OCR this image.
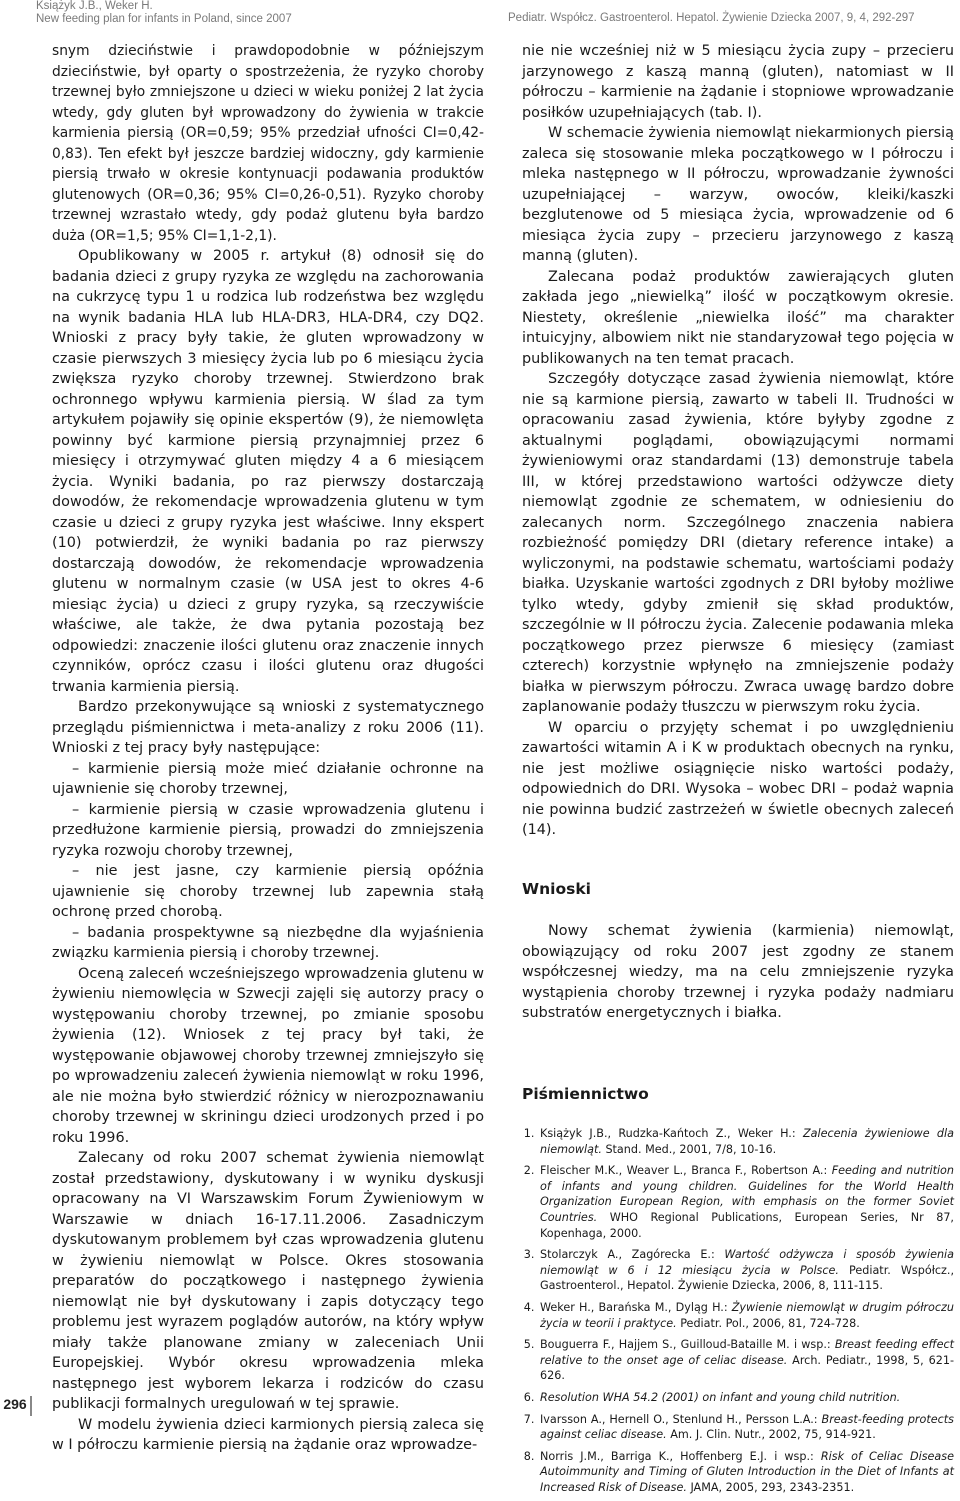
Książyk J.B., Weker H.
New feeding plan for infants in Poland, since 2007	Pediatr. Współcz. Gastroenterol. Hepatol. Żywienie Dziecka 2007, 9, 4, 292-297

snym dzieciństwie i prawdopodobnie w późniejszym dzieciństwie, był oparty o spostrzeżenia, że ryzyko choroby trzewnej było zmniejszone u dzieci w wieku poniżej 2 lat życia wtedy, gdy gluten był wprowadzony do żywienia w trakcie karmienia piersią (OR=0,59; 95% przedział ufności CI=0,42-0,83). Ten efekt był jeszcze bardziej widoczny, gdy karmienie piersią trwało w okresie kontynuacji podawania produktów glutenowych (OR=0,36; 95% CI=0,26-0,51). Ryzyko choroby trzewnej wzrastało wtedy, gdy podaż glutenu była bardzo duża (OR=1,5; 95% CI=1,1-2,1).

Opublikowany w 2005 r. artykuł (8) odnosił się do badania dzieci z grupy ryzyka ze względu na zachorowania na cukrzycę typu 1 u rodzica lub rodzeństwa bez względu na wynik badania HLA lub HLA-DR3, HLA-DR4, czy DQ2. Wnioski z pracy były takie, że gluten wprowadzony w czasie pierwszych 3 miesięcy życia lub po 6 miesiącu życia zwiększa ryzyko choroby trzewnej. Stwierdzono brak ochronnego wpływu karmienia piersią. W ślad za tym artykułem pojawiły się opinie ekspertów (9), że niemowlęta powinny być karmione piersią przynajmniej przez 6 miesięcy i otrzymywać gluten między 4 a 6 miesiącem życia. Wyniki badania, po raz pierwszy dostarczają dowodów, że rekomendacje wprowadzenia glutenu w tym czasie u dzieci z grupy ryzyka jest właściwe. Inny ekspert (10) potwierdził, że wyniki badania po raz pierwszy dostarczają dowodów, że rekomendacje wprowadzenia glutenu w normalnym czasie (w USA jest to okres 4-6 miesiąc życia) u dzieci z grupy ryzyka, są rzeczywiście właściwe, ale także, że dwa pytania pozostają bez odpowiedzi: znaczenie ilości glutenu oraz znaczenie innych czynników, oprócz czasu i ilości glutenu oraz długości trwania karmienia piersią.

Bardzo przekonywujące są wnioski z systematycznego przeglądu piśmiennictwa i meta-analizy z roku 2006 (11). Wnioski z tej pracy były następujące:

– karmienie piersią może mieć działanie ochronne na ujawnienie się choroby trzewnej,

– karmienie piersią w czasie wprowadzenia glutenu i przedłużone karmienie piersią, prowadzi do zmniejszenia ryzyka rozwoju choroby trzewnej,

– nie jest jasne, czy karmienie piersią opóźnia ujawnienie się choroby trzewnej lub zapewnia stałą ochronę przed chorobą.

– badania prospektywne są niezbędne dla wyjaśnienia związku karmienia piersią i choroby trzewnej.

Oceną zaleceń wcześniejszego wprowadzenia glutenu w żywieniu niemowlęcia w Szwecji zajęli się autorzy pracy o występowaniu choroby trzewnej, po zmianie sposobu żywienia (12). Wniosek z tej pracy był taki, że występowanie objawowej choroby trzewnej zmniejszyło się po wprowadzeniu zaleceń żywienia niemowląt w roku 1996, ale nie można było stwierdzić różnicy w nierozpoznawaniu choroby trzewnej w skriningu dzieci urodzonych przed i po roku 1996.

Zalecany od roku 2007 schemat żywienia niemowląt został przedstawiony, dyskutowany i w wyniku dyskusji opracowany na VI Warszawskim Forum Żywieniowym w Warszawie w dniach 16-17.11.2006. Zasadniczym dyskutowanym problemem był czas wprowadzenia glutenu w żywieniu niemowląt w Polsce. Okres stosowania preparatów do początkowego i następnego żywienia niemowląt nie był dyskutowany i zapis dotyczący tego problemu jest wyrazem poglądów autorów, na który wpływ miały także planowane zmiany w zaleceniach Unii Europejskiej. Wybór okresu wprowadzenia mleka następnego jest wyborem lekarza i rodziców do czasu publikacji formalnych uregulowań w tej sprawie.

W modelu żywienia dzieci karmionych piersią zaleca się w I półroczu karmienie piersią na żądanie oraz wprowadze-

nie nie wcześniej niż w 5 miesiącu życia zupy – przecieru jarzynowego z kaszą manną (gluten), natomiast w II półroczu – karmienie na żądanie i stopniowe wprowadzanie posiłków uzupełniających (tab. I).

W schemacie żywienia niemowląt niekarmionych piersią zaleca się stosowanie mleka początkowego w I półroczu i mleka następnego w II półroczu, wprowadzanie żywności uzupełniającej – warzyw, owoców, kleiki/kaszki bezglutenowe od 5 miesiąca życia, wprowadzenie od 6 miesiąca życia zupy – przecieru jarzynowego z kaszą manną (gluten).

Zalecana podaż produktów zawierających gluten zakłada jego „niewielką” ilość w początkowym okresie. Niestety, określenie „niewielka ilość” ma charakter intuicyjny, albowiem nikt nie standaryzował tego pojęcia w publikowanych na ten temat pracach.

Szczegóły dotyczące zasad żywienia niemowląt, które nie są karmione piersią, zawarto w tabeli II. Trudności w opracowaniu zasad żywienia, które byłyby zgodne z aktualnymi poglądami, obowiązującymi normami żywieniowymi oraz standardami (13) demonstruje tabela III, w której przedstawiono wartości odżywcze diety niemowląt zgodnie ze schematem, w odniesieniu do zalecanych norm. Szczególnego znaczenia nabiera rozbieżność pomiędzy DRI (dietary reference intake) a wyliczonymi, na podstawie schematu, wartościami podaży białka. Uzyskanie wartości zgodnych z DRI byłoby możliwe tylko wtedy, gdyby zmienił się skład produktów, szczególnie w II półroczu życia. Zalecenie podawania mleka początkowego przez pierwsze 6 miesięcy (zamiast czterech) korzystnie wpłynęło na zmniejszenie podaży białka w pierwszym półroczu. Zwraca uwagę bardzo dobre zaplanowanie podaży tłuszczu w pierwszym roku życia.

W oparciu o przyjęty schemat i po uwzględnieniu zawartości witamin A i K w produktach obecnych na rynku, nie jest możliwe osiągnięcie nisko wartości podaży, odpowiednich do DRI. Wysoka – wobec DRI – podaż wapnia nie powinna budzić zastrzeżeń w świetle obecnych zaleceń (14).

Wnioski

Nowy schemat żywienia (karmienia) niemowląt, obowiązujący od roku 2007 jest zgodny ze stanem współczesnej wiedzy, ma na celu zmniejszenie ryzyka wystąpienia choroby trzewnej i ryzyka podaży nadmiaru substratów energetycznych i białka.

Piśmiennictwo
1. Książyk J.B., Rudzka-Kańtoch Z., Weker H.: Zalecenia żywieniowe dla niemowląt. Stand. Med., 2001, 7/8, 10-16.
2. Fleischer M.K., Weaver L., Branca F., Robertson A.: Feeding and nutrition of infants and young children. Guidelines for the World Health Organization European Region, with emphasis on the former Soviet Countries. WHO Regional Publications, European Series, Nr 87, Kopenhaga, 2000.
3. Stolarczyk A., Zagórecka E.: Wartość odżywcza i sposób żywienia niemowląt w 6 i 12 miesiącu życia w Polsce. Pediatr. Współcz., Gastroenterol., Hepatol. Żywienie Dziecka, 2006, 8, 111-115.
4. Weker H., Barańska M., Dyląg H.: Żywienie niemowląt w drugim półroczu życia w teorii i praktyce. Pediatr. Pol., 2006, 81, 724-728.
5. Bouguerra F., Hajjem S., Guilloud-Bataille M. i wsp.: Breast feeding effect relative to the onset age of celiac disease. Arch. Pediatr., 1998, 5, 621-626.
6. Resolution WHA 54.2 (2001) on infant and young child nutrition.
7. Ivarsson A., Hernell O., Stenlund H., Persson L.A.: Breast-feeding protects against celiac disease. Am. J. Clin. Nutr., 2002, 75, 914-921.
8. Norris J.M., Barriga K., Hoffenberg E.J. i wsp.: Risk of Celiac Disease Autoimmunity and Timing of Gluten Introduction in the Diet of Infants at Increased Risk of Disease. JAMA, 2005, 293, 2343-2351.
296
